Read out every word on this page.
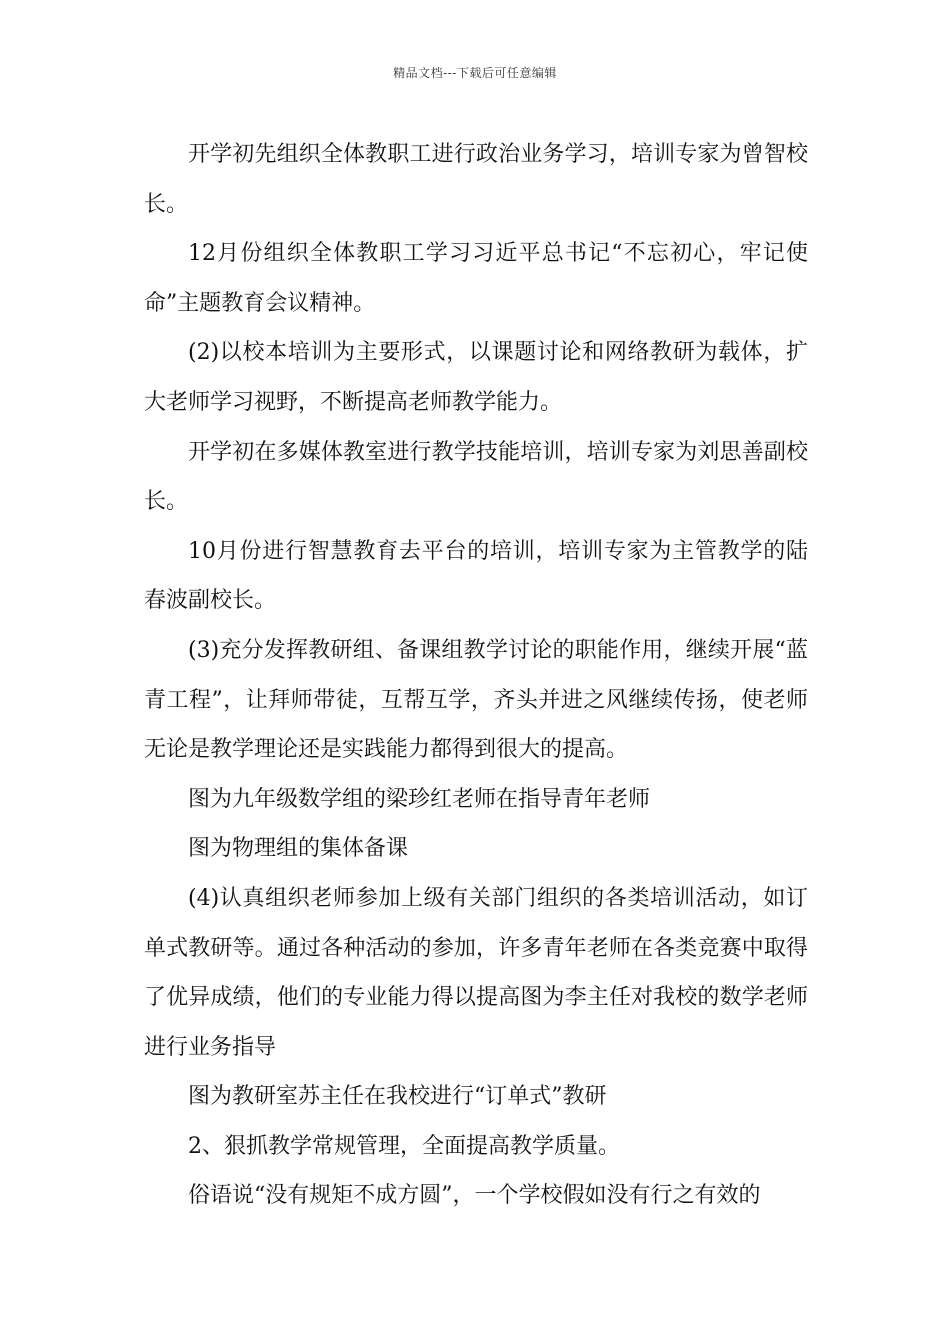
精品文档---下载后可任意编辑

开学初先组织全体教职工进行政治业务学习，培训专家为曾智校长。

12月份组织全体教职工学习习近平总书记“不忘初心，牢记使命”主题教育会议精神。

(2)以校本培训为主要形式，以课题讨论和网络教研为载体，扩大老师学习视野，不断提高老师教学能力。

开学初在多媒体教室进行教学技能培训，培训专家为刘思善副校长。

10月份进行智慧教育去平台的培训，培训专家为主管教学的陆春波副校长。

(3)充分发挥教研组、备课组教学讨论的职能作用，继续开展“蓝青工程”，让拜师带徒，互帮互学，齐头并进之风继续传扬，使老师无论是教学理论还是实践能力都得到很大的提高。

图为九年级数学组的梁珍红老师在指导青年老师

图为物理组的集体备课

(4)认真组织老师参加上级有关部门组织的各类培训活动，如订单式教研等。通过各种活动的参加，许多青年老师在各类竞赛中取得了优异成绩，他们的专业能力得以提高图为李主任对我校的数学老师进行业务指导

图为教研室苏主任在我校进行“订单式”教研

2、狠抓教学常规管理，全面提高教学质量。

俗语说“没有规矩不成方圆”，一个学校假如没有行之有效的
